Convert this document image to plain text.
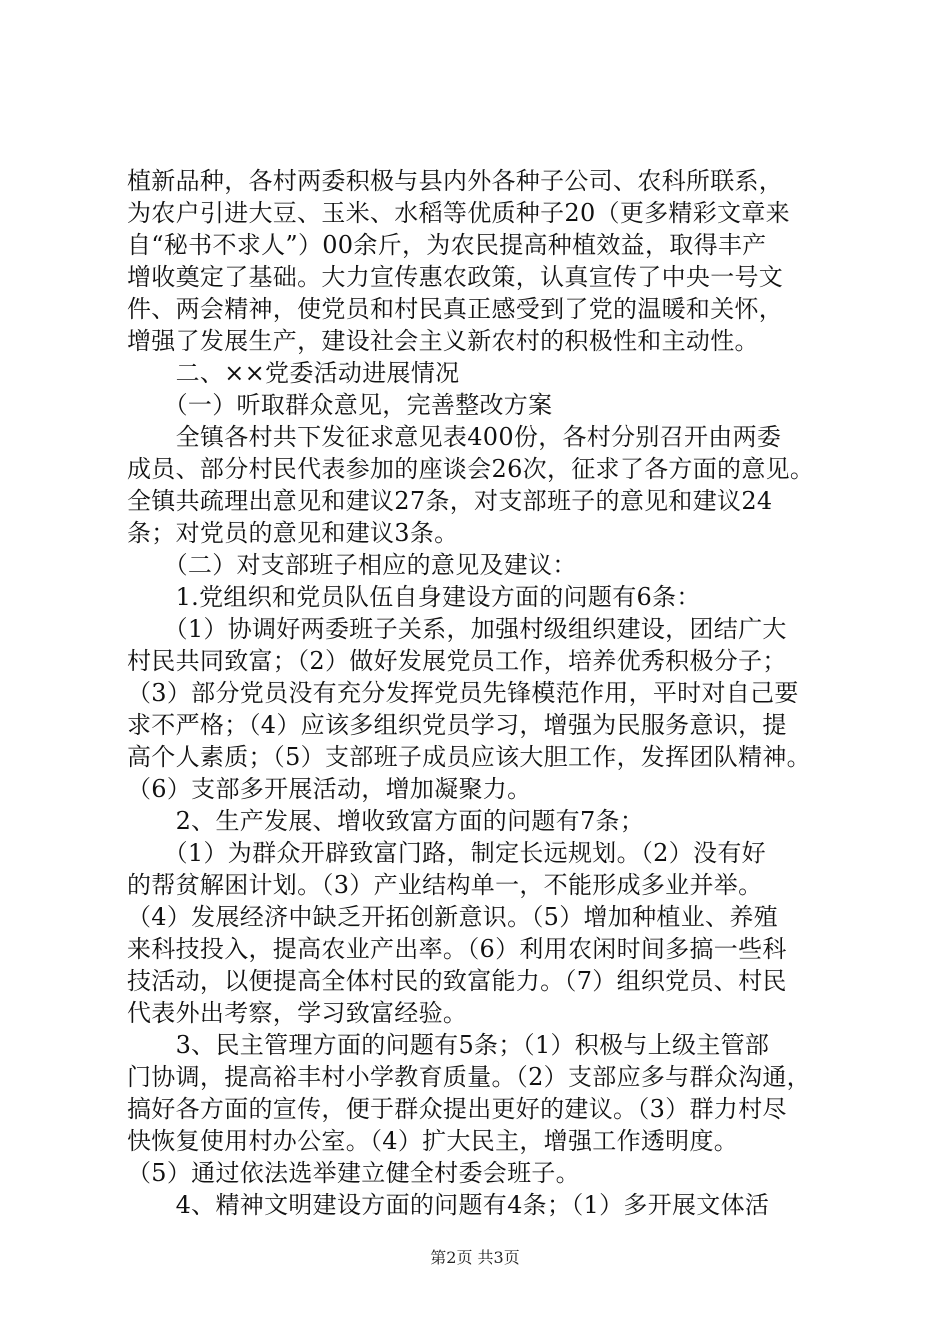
植新品种，各村两委积极与县内外各种子公司、农科所联系，
为农户引进大豆、玉米、水稻等优质种子20（更多精彩文章来
自“秘书不求人”）00余斤，为农民提高种植效益，取得丰产
增收奠定了基础。大力宣传惠农政策，认真宣传了中央一号文
件、两会精神，使党员和村民真正感受到了党的温暖和关怀，
增强了发展生产，建设社会主义新农村的积极性和主动性。
　　二、××党委活动进展情况
　　（一）听取群众意见，完善整改方案
　　全镇各村共下发征求意见表400份，各村分别召开由两委
成员、部分村民代表参加的座谈会26次，征求了各方面的意见。
全镇共疏理出意见和建议27条，对支部班子的意见和建议24
条；对党员的意见和建议3条。
　　（二）对支部班子相应的意见及建议：
　　1.党组织和党员队伍自身建设方面的问题有6条：
　　（1）协调好两委班子关系，加强村级组织建设，团结广大
村民共同致富；（2）做好发展党员工作，培养优秀积极分子；
（3）部分党员没有充分发挥党员先锋模范作用，平时对自己要
求不严格；（4）应该多组织党员学习，增强为民服务意识，提
高个人素质；（5）支部班子成员应该大胆工作，发挥团队精神。
（6）支部多开展活动，增加凝聚力。
　　2、生产发展、增收致富方面的问题有7条；
　　（1）为群众开辟致富门路，制定长远规划。（2）没有好
的帮贫解困计划。（3）产业结构单一，不能形成多业并举。
（4）发展经济中缺乏开拓创新意识。（5）增加种植业、养殖
来科技投入，提高农业产出率。（6）利用农闲时间多搞一些科
技活动，以便提高全体村民的致富能力。（7）组织党员、村民
代表外出考察，学习致富经验。
　　3、民主管理方面的问题有5条；（1）积极与上级主管部
门协调，提高裕丰村小学教育质量。（2）支部应多与群众沟通，
搞好各方面的宣传，便于群众提出更好的建议。（3）群力村尽
快恢复使用村办公室。（4）扩大民主，增强工作透明度。
（5）通过依法选举建立健全村委会班子。
　　4、精神文明建设方面的问题有4条；（1）多开展文体活
第2页 共3页
